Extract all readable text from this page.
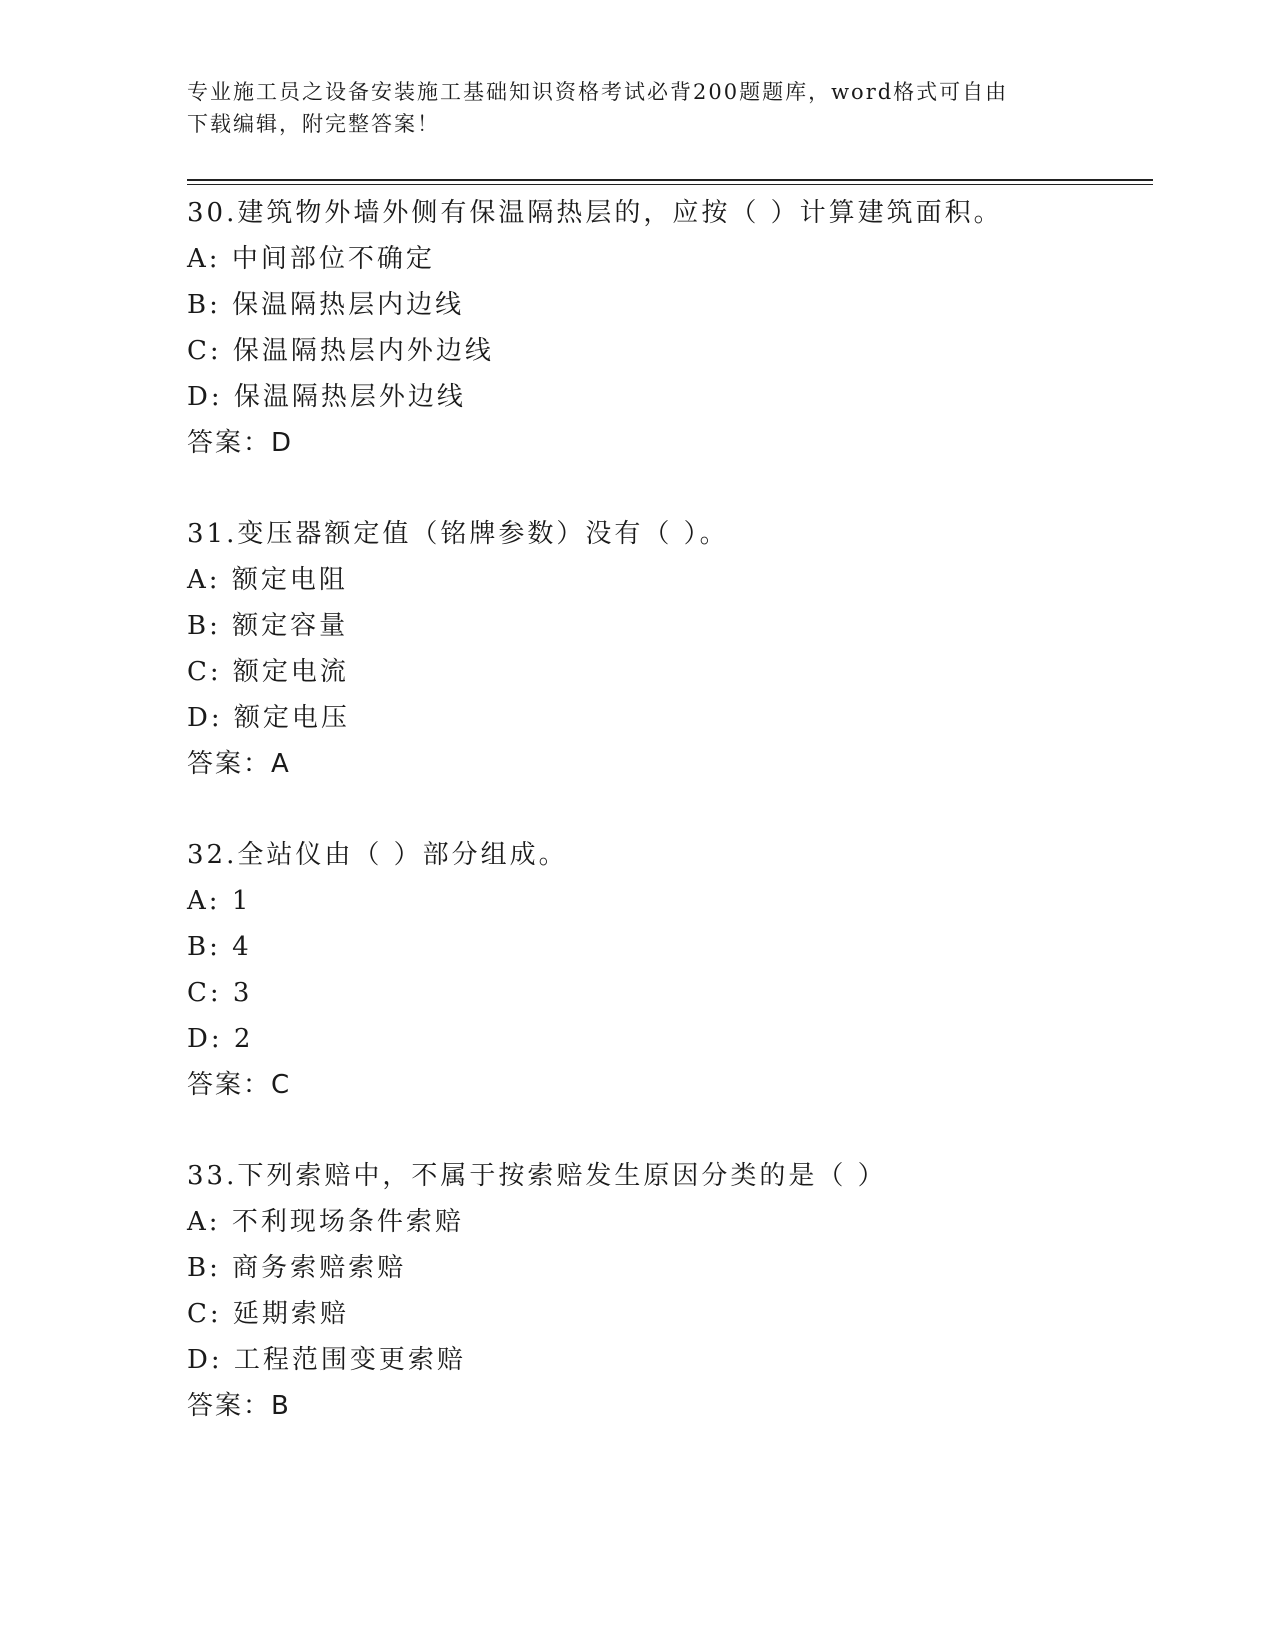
专业施工员之设备安装施工基础知识资格考试必背200题题库，word格式可自由
下载编辑，附完整答案！
30.建筑物外墙外侧有保温隔热层的，应按（ ）计算建筑面积。
A: 中间部位不确定
B: 保温隔热层内边线
C: 保温隔热层内外边线
D: 保温隔热层外边线
答案：D
31.变压器额定值（铭牌参数）没有（ ）。
A: 额定电阻
B: 额定容量
C: 额定电流
D: 额定电压
答案：A
32.全站仪由（ ）部分组成。
A: 1
B: 4
C: 3
D: 2
答案：C
33.下列索赔中，不属于按索赔发生原因分类的是（ ）
A: 不利现场条件索赔
B: 商务索赔索赔
C: 延期索赔
D: 工程范围变更索赔
答案：B
